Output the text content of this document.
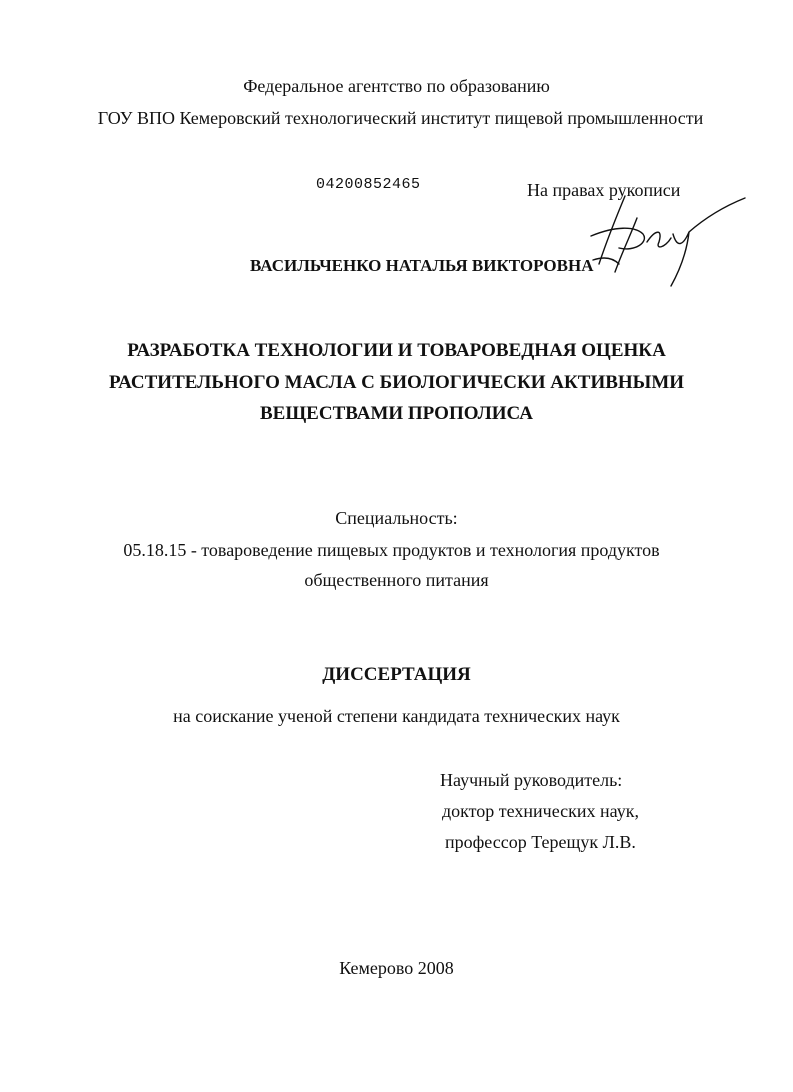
Федеральное агентство по образованию
ГОУ ВПО Кемеровский технологический институт пищевой промышленности
04200852465	На правах рукописи
ВАСИЛЬЧЕНКО НАТАЛЬЯ ВИКТОРОВНА
РАЗРАБОТКА ТЕХНОЛОГИИ И ТОВАРОВЕДНАЯ ОЦЕНКА
РАСТИТЕЛЬНОГО МАСЛА С БИОЛОГИЧЕСКИ АКТИВНЫМИ
ВЕЩЕСТВАМИ ПРОПОЛИСА
Специальность:
05.18.15 - товароведение пищевых продуктов и технология продуктов
общественного питания
ДИССЕРТАЦИЯ
на соискание ученой степени кандидата технических наук
Научный руководитель:
доктор технических наук,
профессор Терещук Л.В.
Кемерово 2008
